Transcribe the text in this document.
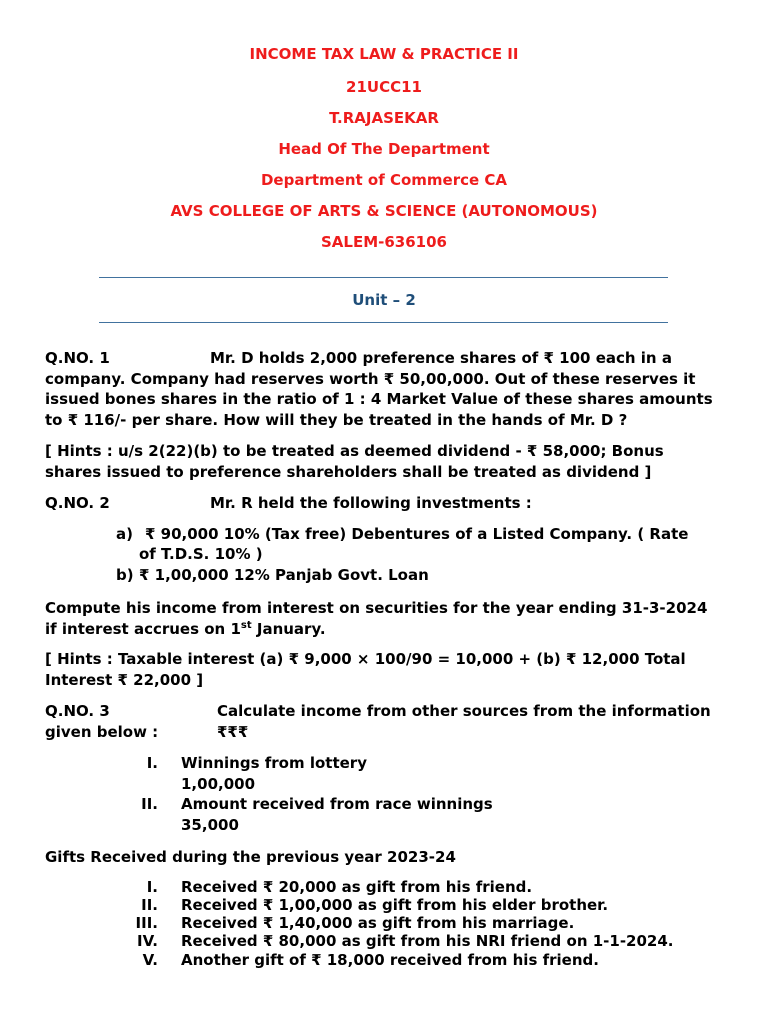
INCOME TAX LAW & PRACTICE II
21UCC11
T.RAJASEKAR
Head Of The Department
Department of Commerce CA
AVS COLLEGE OF ARTS & SCIENCE (AUTONOMOUS)
SALEM-636106
Unit – 2
Q.NO. 1	Mr. D holds 2,000 preference shares of ₹ 100 each in a
company. Company had reserves worth ₹ 50,00,000. Out of these reserves it
issued bones shares in the ratio of 1 : 4 Market Value of these shares amounts
to ₹ 116/- per share. How will they be treated in the hands of Mr. D ?
[ Hints : u/s 2(22)(b) to be treated as deemed dividend - ₹ 58,000; Bonus
shares issued to preference shareholders shall be treated as dividend ]
Q.NO. 2	Mr. R held the following investments :
a) ₹ 90,000 10% (Tax free) Debentures of a Listed Company. ( Rate
of T.D.S. 10% )
b) ₹ 1,00,000 12% Panjab Govt. Loan
Compute his income from interest on securities for the year ending 31-3-2024
if interest accrues on 1st January.
[ Hints : Taxable interest (a) ₹ 9,000 × 100/90 = 10,000 + (b) ₹ 12,000 Total
Interest ₹ 22,000 ]
Q.NO. 3	Calculate income from other sources from the information
given below :	₹₹₹
I. Winnings from lottery
1,00,000
II. Amount received from race winnings
35,000
Gifts Received during the previous year 2023-24
I. Received ₹ 20,000 as gift from his friend.
II. Received ₹ 1,00,000 as gift from his elder brother.
III. Received ₹ 1,40,000 as gift from his marriage.
IV. Received ₹ 80,000 as gift from his NRI friend on 1-1-2024.
V. Another gift of ₹ 18,000 received from his friend.
